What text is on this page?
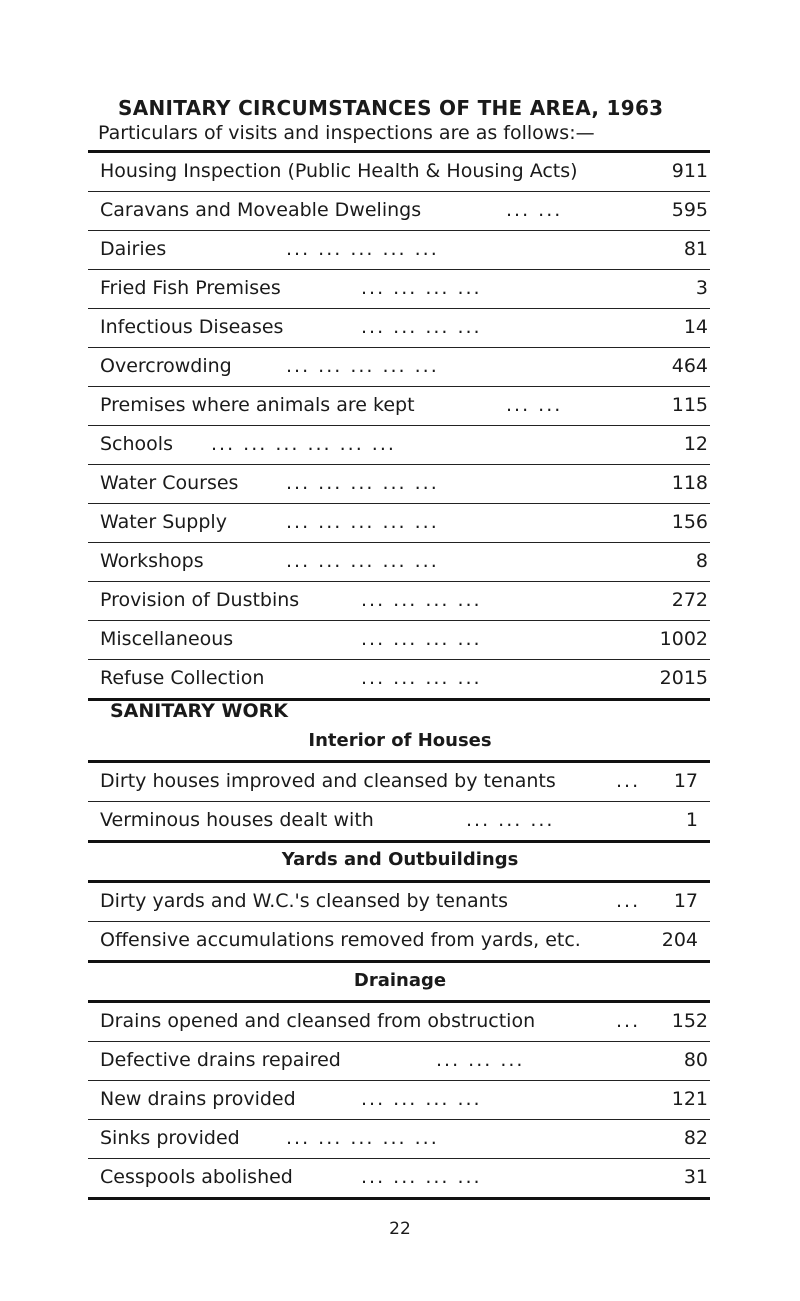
SANITARY CIRCUMSTANCES OF THE AREA, 1963
Particulars of visits and inspections are as follows:—
Housing Inspection (Public Health & Housing Acts)	911
Caravans and Moveable Dwelings	... ...	595
Dairies	... ... ... ... ...	81
Fried Fish Premises	... ... ... ...	3
Infectious Diseases	... ... ... ...	14
Overcrowding	... ... ... ... ...	464
Premises where animals are kept	... ...	115
Schools ... ... ... ... ... ...	12
Water Courses	... ... ... ... ...	118
Water Supply	... ... ... ... ...	156
Workshops	... ... ... ... ...	8
Provision of Dustbins	... ... ... ...	272
Miscellaneous	... ... ... ...	1002
Refuse Collection	... ... ... ...	2015
SANITARY WORK
Interior of Houses
Dirty houses improved and cleansed by tenants	... 17
Verminous houses dealt with	... ... ...	1
Yards and Outbuildings
Dirty yards and W.C.'s cleansed by tenants	... 17
Offensive accumulations removed from yards, etc.	204
Drainage
Drains opened and cleansed from obstruction	... 152
Defective drains repaired	... ... ...	80
New drains provided	... ... ... ...	121
Sinks provided ... ... ... ... ...	82
Cesspools abolished	... ... ... ...	31
22
